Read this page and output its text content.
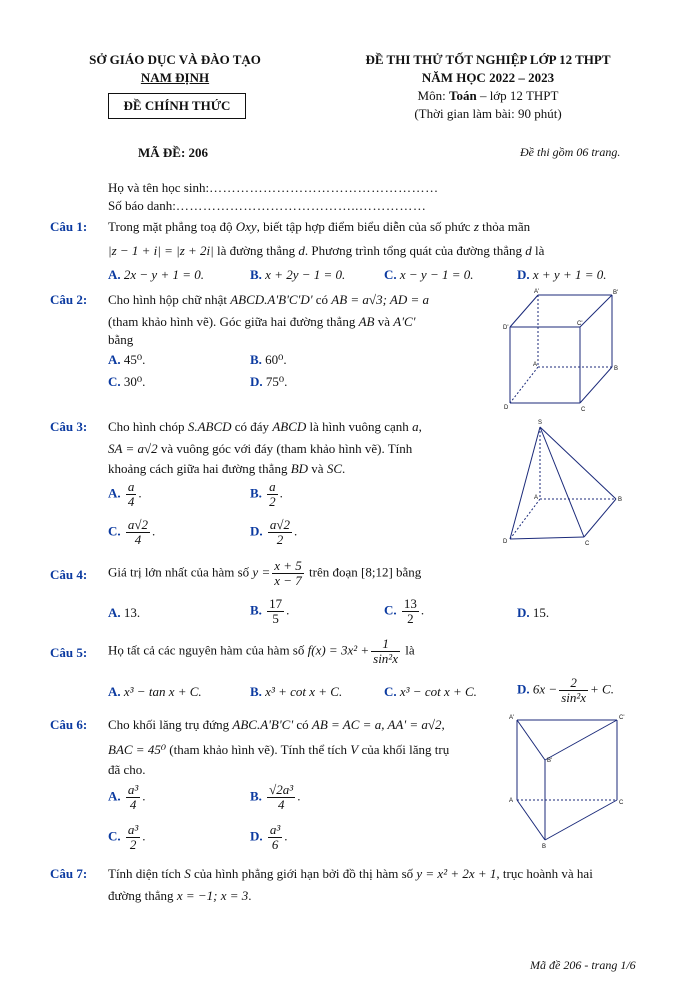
SỞ GIÁO DỤC VÀ ĐÀO TẠO
NAM ĐỊNH
ĐỀ CHÍNH THỨC
ĐỀ THI THỬ TỐT NGHIỆP LỚP 12 THPT
NĂM HỌC 2022 – 2023
Môn: Toán – lớp 12 THPT
(Thời gian làm bài: 90 phút)
MÃ ĐỀ: 206	Đề thi gồm 06 trang.
Họ và tên học sinh:……………………………………………
Số báo danh:…………………………………..……………
Câu 1: Trong mặt phẳng toạ độ Oxy, biết tập hợp điểm biểu diễn của số phức z thỏa mãn
|z − 1 + i| = |z + 2i| là đường thẳng d. Phương trình tổng quát của đường thẳng d là
A. 2x − y + 1 = 0.	B. x + 2y − 1 = 0.	C. x − y − 1 = 0.	D. x + y + 1 = 0.
Câu 2: Cho hình hộp chữ nhật ABCD.A'B'C'D' có AB = a√3; AD = a
(tham khảo hình vẽ). Góc giữa hai đường thẳng AB và A'C'
bằng
A. 45⁰.	B. 60⁰.
C. 30⁰.	D. 75⁰.
A'	B'
C'
D'
A
B
C
D
Câu 3: Cho hình chóp S.ABCD có đáy ABCD là hình vuông cạnh a,
SA = a√2 và vuông góc với đáy (tham khảo hình vẽ). Tính
khoảng cách giữa hai đường thẳng BD và SC.
A. $\frac{a}{4}$ .	B. $\frac{a}{2}$ .
C. $\frac{a√2}{4}$ .	D. $\frac{a√2}{2}$ .
S
A	B
C
D
Câu 4: Giá trị lớn nhất của hàm số $y = \frac{x + 5}{x - 7}$ trên đoạn [8;12] bằng
A. 13.	B. $\frac{17}{5}$ .	C. $\frac{13}{2}$ .	D. 15.
Câu 5: Họ tất cả các nguyên hàm của hàm số $f(x) = 3x^2 + \frac{1}{\text{sin²x}}$ là
A. x³ − tan x + C.	B. x³ + cot x + C.	C. x³ − cot x + C.	D. $6x - \frac{2}{\text{sin²x}} + C$.
Câu 6: Cho khối lăng trụ đứng ABC.A'B'C' có AB = AC = a, AA' = a√2,
BAC = 45⁰ (tham khảo hình vẽ). Tính thể tích V của khối lăng trụ
đã cho.
A. $\frac{\text{a³}}{4}$ .	B. $\frac{\text{√2a³}}{4}$ .
C. $\frac{\text{a³}}{2}$ .	D. $\frac{\text{a³}}{6}$ .
A'	C'
B'
A	C
B
Câu 7: Tính diện tích S của hình phẳng giới hạn bởi đồ thị hàm số y = x² + 2x + 1, trục hoành và hai
đường thẳng x = −1; x = 3.
Mã đề 206 - trang 1/6
